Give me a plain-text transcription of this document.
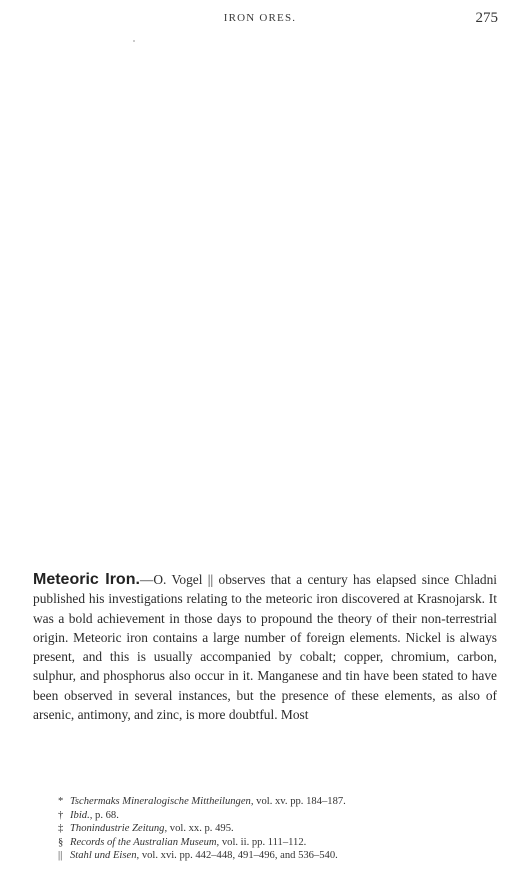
IRON ORES.	275
Meteoric Iron.—O. Vogel || observes that a century has elapsed since Chladni published his investigations relating to the meteoric iron discovered at Krasnojarsk. It was a bold achievement in those days to propound the theory of their non-terrestrial origin. Meteoric iron contains a large number of foreign elements. Nickel is always present, and this is usually accompanied by cobalt; copper, chromium, carbon, sulphur, and phosphorus also occur in it. Manganese and tin have been stated to have been observed in several instances, but the presence of these elements, as also of arsenic, antimony, and zinc, is more doubtful. Most
* Tschermaks Mineralogische Mittheilungen, vol. xv. pp. 184–187.
† Ibid., p. 68.
‡ Thonindustrie Zeitung, vol. xx. p. 495.
§ Records of the Australian Museum, vol. ii. pp. 111–112.
|| Stahl und Eisen, vol. xvi. pp. 442–448, 491–496, and 536–540.
